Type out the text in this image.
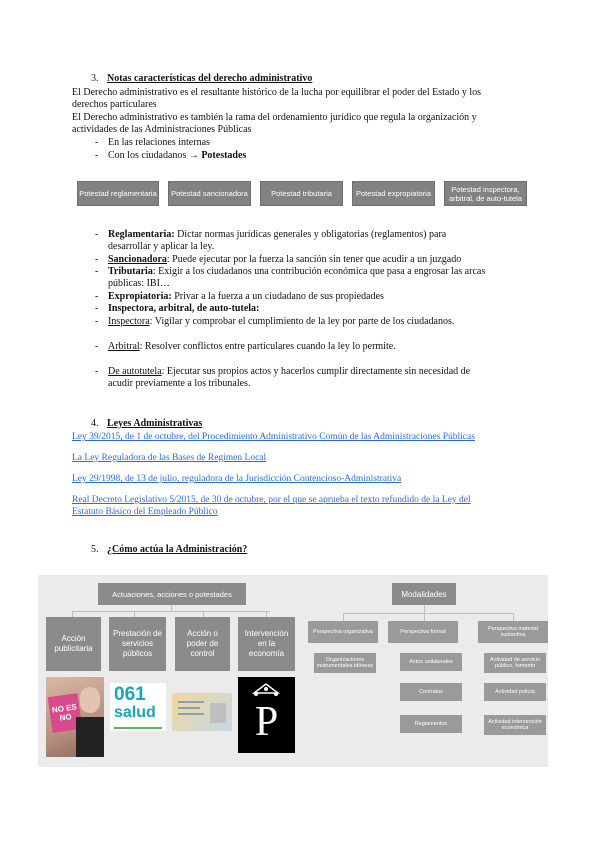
3. Notas características del derecho administrativo
El Derecho administrativo es el resultante histórico de la lucha por equilibrar el poder del Estado y los
derechos particulares
El Derecho administrativo es también la rama del ordenamiento jurídico que regula la organización y
actividades de las Administraciones Públicas
- En las relaciones internas
- Con los ciudadanos → Potestades
Potestad reglamentaria	Potestad sancionadora	Potestad tributaria	Potestad expropiatoria	Potestad inspectora, arbitral, de auto-tutela
- Reglamentaria: Dictar normas jurídicas generales y obligatorias (reglamentos) para
desarrollar y aplicar la ley.
- Sancionadora: Puede ejecutar por la fuerza la sanción sin tener que acudir a un juzgado
- Tributaria: Exigir a los ciudadanos una contribución económica que pasa a engrosar las arcas
públicas: IBI…
- Expropiatoria: Privar a la fuerza a un ciudadano de sus propiedades
- Inspectora, arbitral, de auto-tutela:
- Inspectora: Vigilar y comprobar el cumplimiento de la ley por parte de los ciudadanos.
- Arbitral: Resolver conflictos entre particulares cuando la ley lo permite.
- De autotutela: Ejecutar sus propios actos y hacerlos cumplir directamente sin necesidad de
acudir previamente a los tribunales.
4. Leyes Administrativas
Ley 39/2015, de 1 de octubre, del Procedimiento Administrativo Común de las Administraciones Públicas
La Ley Reguladora de las Bases de Regimen Local
Ley 29/1998, de 13 de julio, reguladora de la Jurisdicción Contencioso-Administrativa
Real Decreto Legislativo 5/2015, de 30 de octubre, por el que se aprueba el texto refundido de la Ley del
Estatuto Básico del Empleado Público
5. ¿Cómo actúa la Administración?
Actuaciones, acciones o potestades
Acción publicitaria
Prestación de servicios públicos
Acción o poder de control
Intervención en la economía
NO ES NO
061
salud	P
Modalidades
Perspectiva organizativa	Perspectiva formal
Perspectiva material sustantiva
Organizaciones instrumentales idóneas
Actos unilaterales
Contratos
Reglamentos
Actividad de servicio público, fomento
Actividad policía
Actividad intervención económica
